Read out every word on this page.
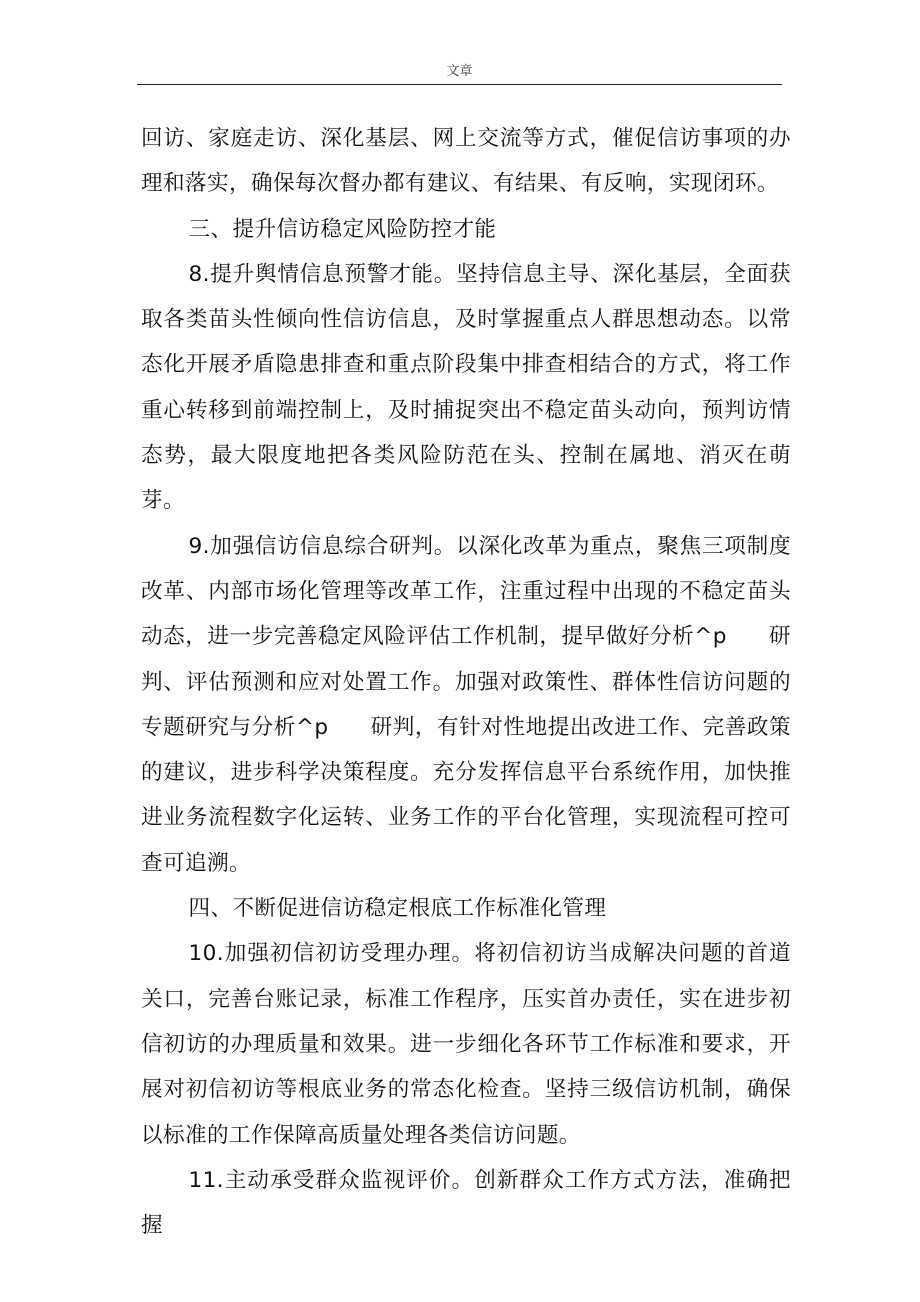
文章

回访、家庭走访、深化基层、网上交流等方式，催促信访事项的办理和落实，确保每次督办都有建议、有结果、有反响，实现闭环。

三、提升信访稳定风险防控才能

8.提升舆情信息预警才能。坚持信息主导、深化基层，全面获取各类苗头性倾向性信访信息，及时掌握重点人群思想动态。以常态化开展矛盾隐患排查和重点阶段集中排查相结合的方式，将工作重心转移到前端控制上，及时捕捉突出不稳定苗头动向，预判访情态势，最大限度地把各类风险防范在头、控制在属地、消灭在萌芽。

9.加强信访信息综合研判。以深化改革为重点，聚焦三项制度改革、内部市场化管理等改革工作，注重过程中出现的不稳定苗头动态，进一步完善稳定风险评估工作机制，提早做好分析^p 研判、评估预测和应对处置工作。加强对政策性、群体性信访问题的专题研究与分析^p 研判，有针对性地提出改进工作、完善政策的建议，进步科学决策程度。充分发挥信息平台系统作用，加快推进业务流程数字化运转、业务工作的平台化管理，实现流程可控可查可追溯。

四、不断促进信访稳定根底工作标准化管理

10.加强初信初访受理办理。将初信初访当成解决问题的首道关口，完善台账记录，标准工作程序，压实首办责任，实在进步初信初访的办理质量和效果。进一步细化各环节工作标准和要求，开展对初信初访等根底业务的常态化检查。坚持三级信访机制，确保以标准的工作保障高质量处理各类信访问题。

11.主动承受群众监视评价。创新群众工作方式方法，准确把握
